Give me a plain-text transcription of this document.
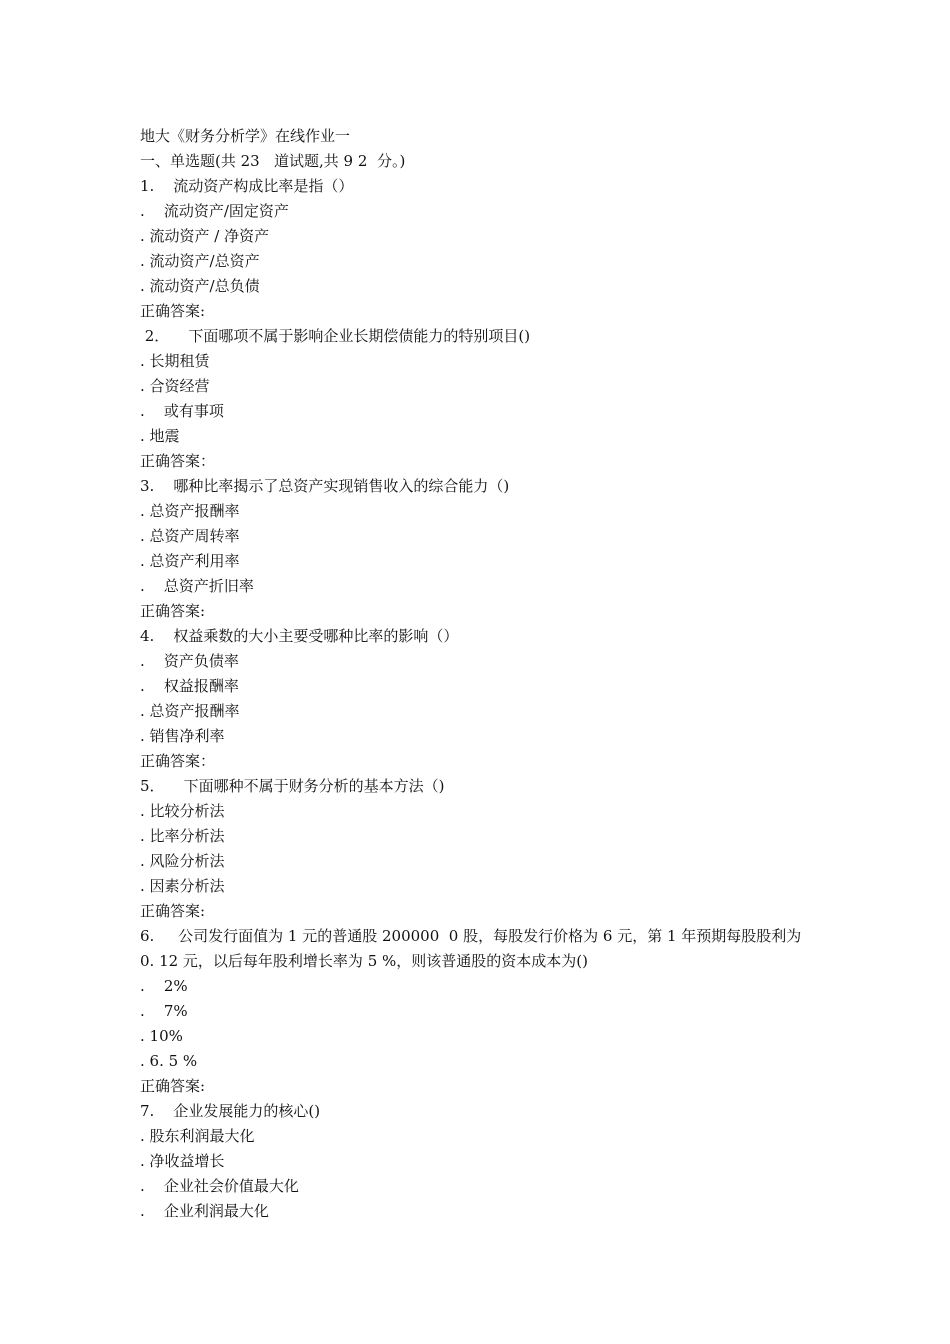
地大《财务分析学》在线作业一
一、单选题(共 23   道试题,共 9 2  分。)
1.    流动资产构成比率是指（）
.    流动资产/固定资产
. 流动资产 / 净资产
. 流动资产/总资产
. 流动资产/总负债
正确答案:
2．    下面哪项不属于影响企业长期偿债能力的特别项目()
. 长期租赁
. 合资经营
.    或有事项
. 地震
正确答案：
3.    哪种比率揭示了总资产实现销售收入的综合能力（)
. 总资产报酬率
. 总资产周转率
. 总资产利用率
.    总资产折旧率
正确答案:
4.    权益乘数的大小主要受哪种比率的影响（）
.    资产负债率
.    权益报酬率
. 总资产报酬率
. 销售净利率
正确答案：
5．    下面哪种不属于财务分析的基本方法（)
. 比较分析法
. 比率分析法
. 风险分析法
. 因素分析法
正确答案:
6.     公司发行面值为 1 元的普通股 200000  0 股，每股发行价格为 6 元，第 1 年预期每股股利为 0. 12 元，以后每年股利增长率为 5 %，则该普通股的资本成本为()
.    2%
.    7%
. 10%
. 6. 5 %
正确答案:
7.    企业发展能力的核心()
. 股东利润最大化
. 净收益增长
.    企业社会价值最大化
.    企业利润最大化
